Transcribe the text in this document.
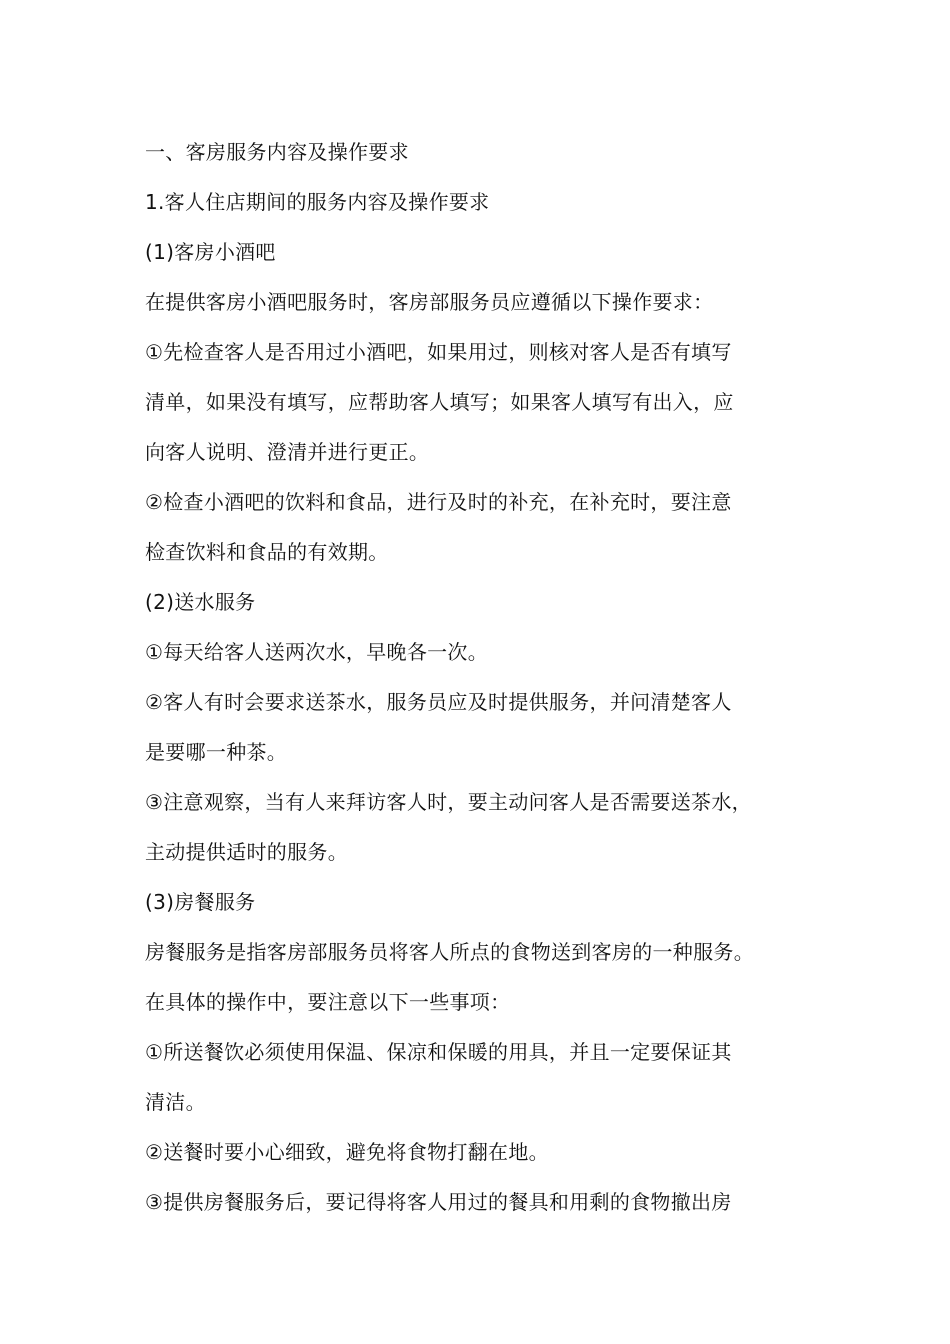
一、客房服务内容及操作要求
1.客人住店期间的服务内容及操作要求
(1)客房小酒吧
在提供客房小酒吧服务时，客房部服务员应遵循以下操作要求：
①先检查客人是否用过小酒吧，如果用过，则核对客人是否有填写
清单，如果没有填写，应帮助客人填写；如果客人填写有出入，应
向客人说明、澄清并进行更正。
②检查小酒吧的饮料和食品，进行及时的补充，在补充时，要注意
检查饮料和食品的有效期。
(2)送水服务
①每天给客人送两次水，早晚各一次。
②客人有时会要求送茶水，服务员应及时提供服务，并问清楚客人
是要哪一种茶。
③注意观察，当有人来拜访客人时，要主动问客人是否需要送茶水，
主动提供适时的服务。
(3)房餐服务
房餐服务是指客房部服务员将客人所点的食物送到客房的一种服务。
在具体的操作中，要注意以下一些事项：
①所送餐饮必须使用保温、保凉和保暖的用具，并且一定要保证其
清洁。
②送餐时要小心细致，避免将食物打翻在地。
③提供房餐服务后，要记得将客人用过的餐具和用剩的食物撤出房
